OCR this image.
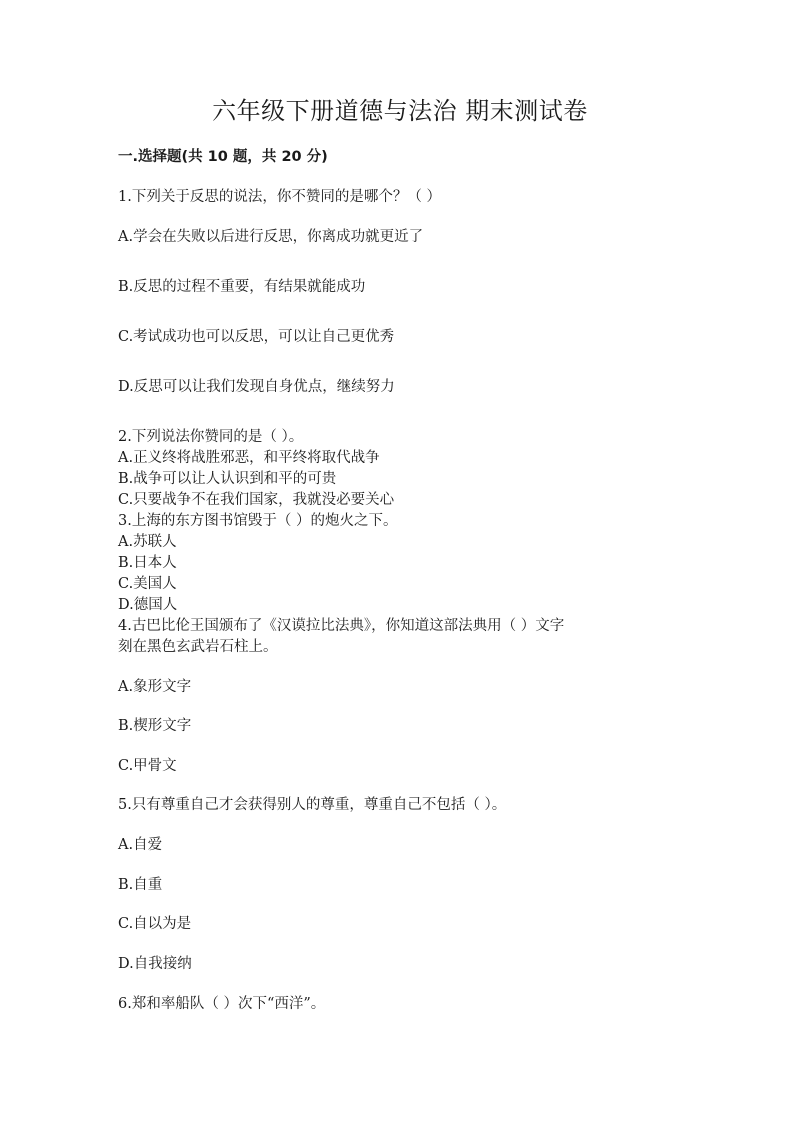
六年级下册道德与法治 期末测试卷
一.选择题(共 10 题，共 20 分)
1.下列关于反思的说法，你不赞同的是哪个？（ ）
A.学会在失败以后进行反思，你离成功就更近了
B.反思的过程不重要，有结果就能成功
C.考试成功也可以反思，可以让自己更优秀
D.反思可以让我们发现自身优点，继续努力
2.下列说法你赞同的是（ ）。
A.正义终将战胜邪恶，和平终将取代战争
B.战争可以让人认识到和平的可贵
C.只要战争不在我们国家，我就没必要关心
3.上海的东方图书馆毁于（ ）的炮火之下。
A.苏联人
B.日本人
C.美国人
D.德国人
4.古巴比伦王国颁布了《汉谟拉比法典》，你知道这部法典用（ ）文字
刻在黑色玄武岩石柱上。
A.象形文字
B.楔形文字
C.甲骨文
5.只有尊重自己才会获得别人的尊重，尊重自己不包括（ ）。
A.自爱
B.自重
C.自以为是
D.自我接纳
6.郑和率船队（ ）次下“西洋”。
